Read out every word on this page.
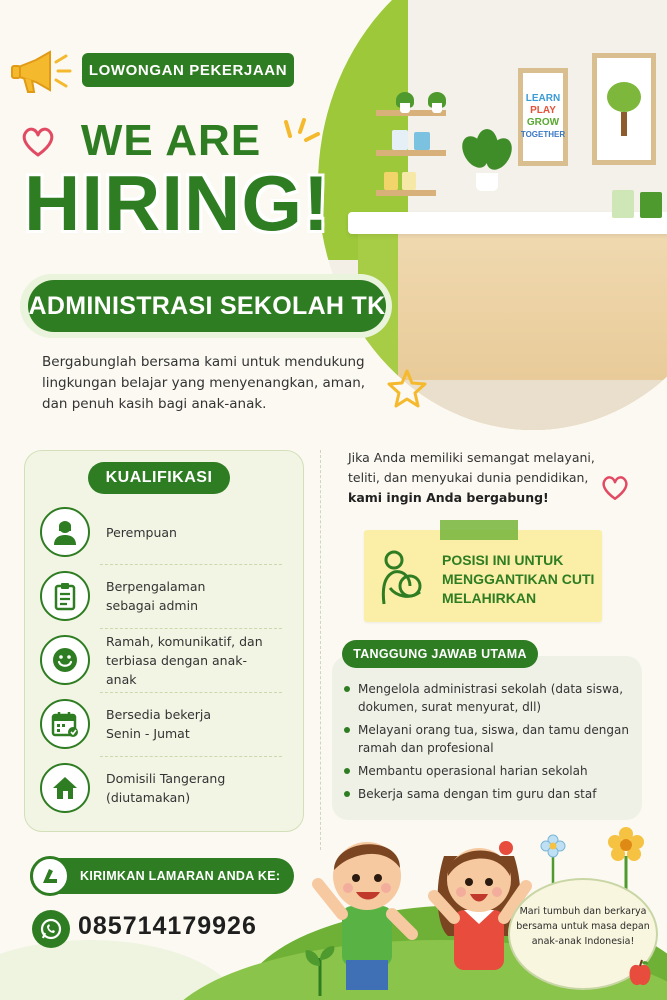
LEARN
PLAY
GROW
TOGETHER
LOWONGAN PEKERJAAN
WE ARE
HIRING!
ADMINISTRASI SEKOLAH TK
Bergabunglah bersama kami untuk mendukung lingkungan belajar yang menyenangkan, aman, dan penuh kasih bagi anak-anak.
KUALIFIKASI
Perempuan
Berpengalaman sebagai admin
Ramah, komunikatif, dan terbiasa dengan anak-anak
Bersedia bekerja Senin - Jumat
Domisili Tangerang (diutamakan)
Jika Anda memiliki semangat melayani, teliti, dan menyukai dunia pendidikan, kami ingin Anda bergabung!
POSISI INI UNTUK MENGGANTIKAN CUTI MELAHIRKAN
TANGGUNG JAWAB UTAMA
Mengelola administrasi sekolah (data siswa, dokumen, surat menyurat, dll)
Melayani orang tua, siswa, dan tamu dengan ramah dan profesional
Membantu operasional harian sekolah
Bekerja sama dengan tim guru dan staf
KIRIMKAN LAMARAN ANDA KE:
085714179926
Mari tumbuh dan berkarya bersama untuk masa depan anak-anak Indonesia!
